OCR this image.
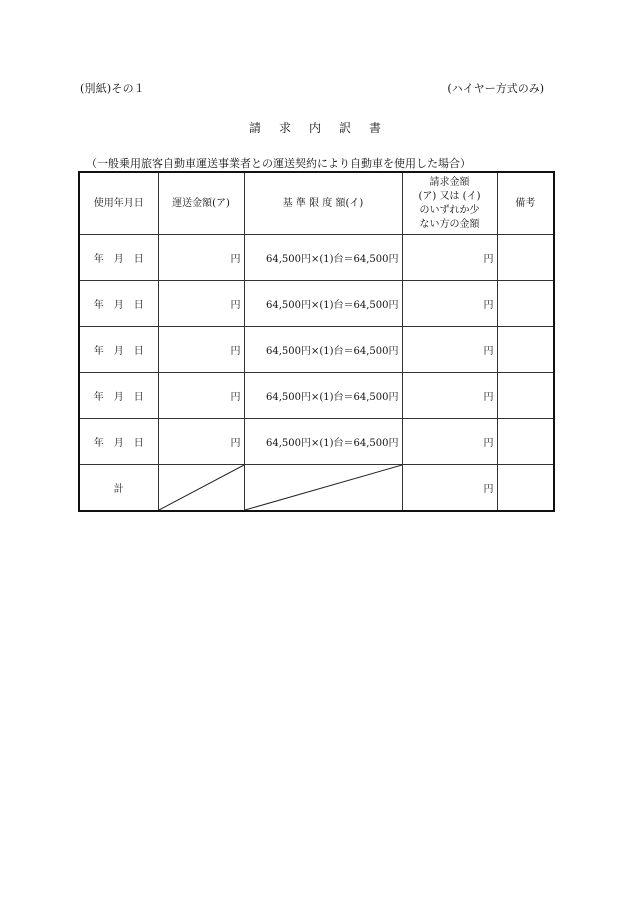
(別紙)その１	(ハイヤー方式のみ)
請求内訳書
（一般乗用旅客自動車運送事業者との運送契約により自動車を使用した場合）
使用年月日	運送金額(ア)	基 準 限 度 額(イ)	請求金額
(ア) 又は (イ)
のいずれか少
ない方の金額	備考
年　月　日	円	64,500円×(1)台＝64,500円	円	
年　月　日	円	64,500円×(1)台＝64,500円	円	
年　月　日	円	64,500円×(1)台＝64,500円	円	
年　月　日	円	64,500円×(1)台＝64,500円	円	
年　月　日	円	64,500円×(1)台＝64,500円	円	
計			円	
